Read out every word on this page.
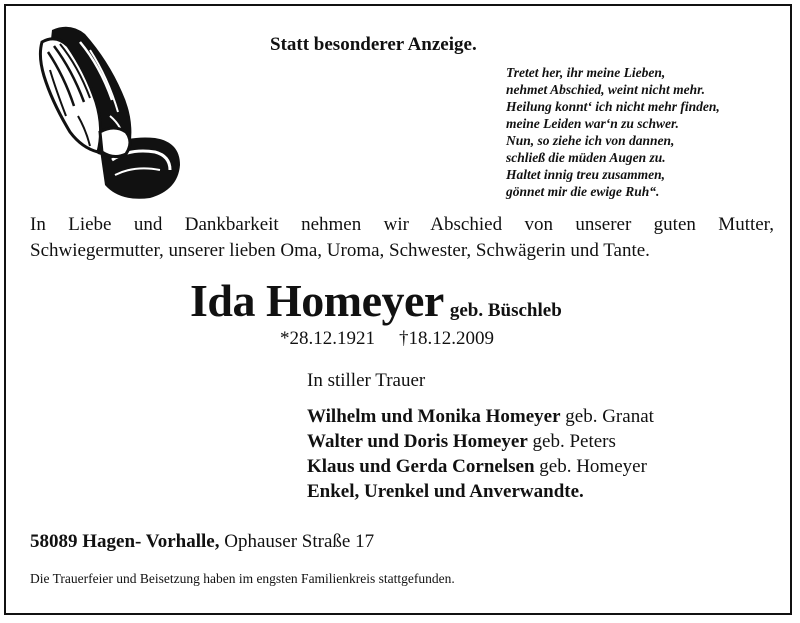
Statt besonderer Anzeige.
Tretet her, ihr meine Lieben,
nehmet Abschied, weint nicht mehr.
Heilung konnt‘ ich nicht mehr finden,
meine Leiden war‘n zu schwer.
Nun, so ziehe ich von dannen,
schließ die müden Augen zu.
Haltet innig treu zusammen,
gönnet mir die ewige Ruh“.
In Liebe und Dankbarkeit nehmen wir Abschied von unserer guten Mutter,
Schwiegermutter, unserer lieben Oma, Uroma, Schwester, Schwägerin und Tante.
Ida Homeyer geb. Büschleb
*28.12.1921 †18.12.2009
In stiller Trauer
Wilhelm und Monika Homeyer geb. Granat
Walter und Doris Homeyer geb. Peters
Klaus und Gerda Cornelsen geb. Homeyer
Enkel, Urenkel und Anverwandte.
58089 Hagen- Vorhalle, Ophauser Straße 17
Die Trauerfeier und Beisetzung haben im engsten Familienkreis stattgefunden.
